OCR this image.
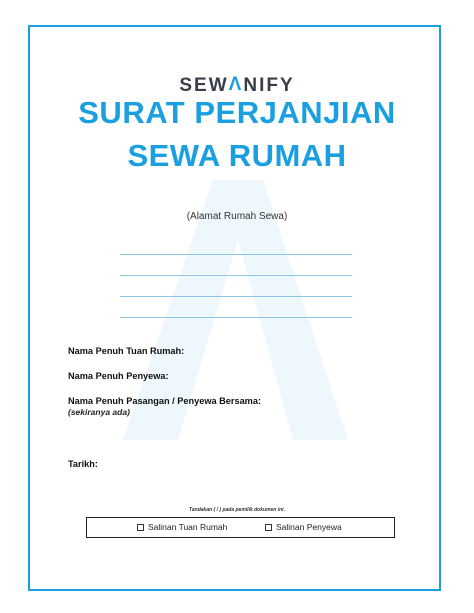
SEWΛNIFY
SURAT PERJANJIAN
SEWA RUMAH
(Alamat Rumah Sewa)
Nama Penuh Tuan Rumah:
Nama Penuh Penyewa:
Nama Penuh Pasangan / Penyewa Bersama:
(sekiranya ada)
Tarikh:
Tandakan ( / ) pada pemilik dokumen ini.
Salinan Tuan Rumah	Salinan Penyewa
